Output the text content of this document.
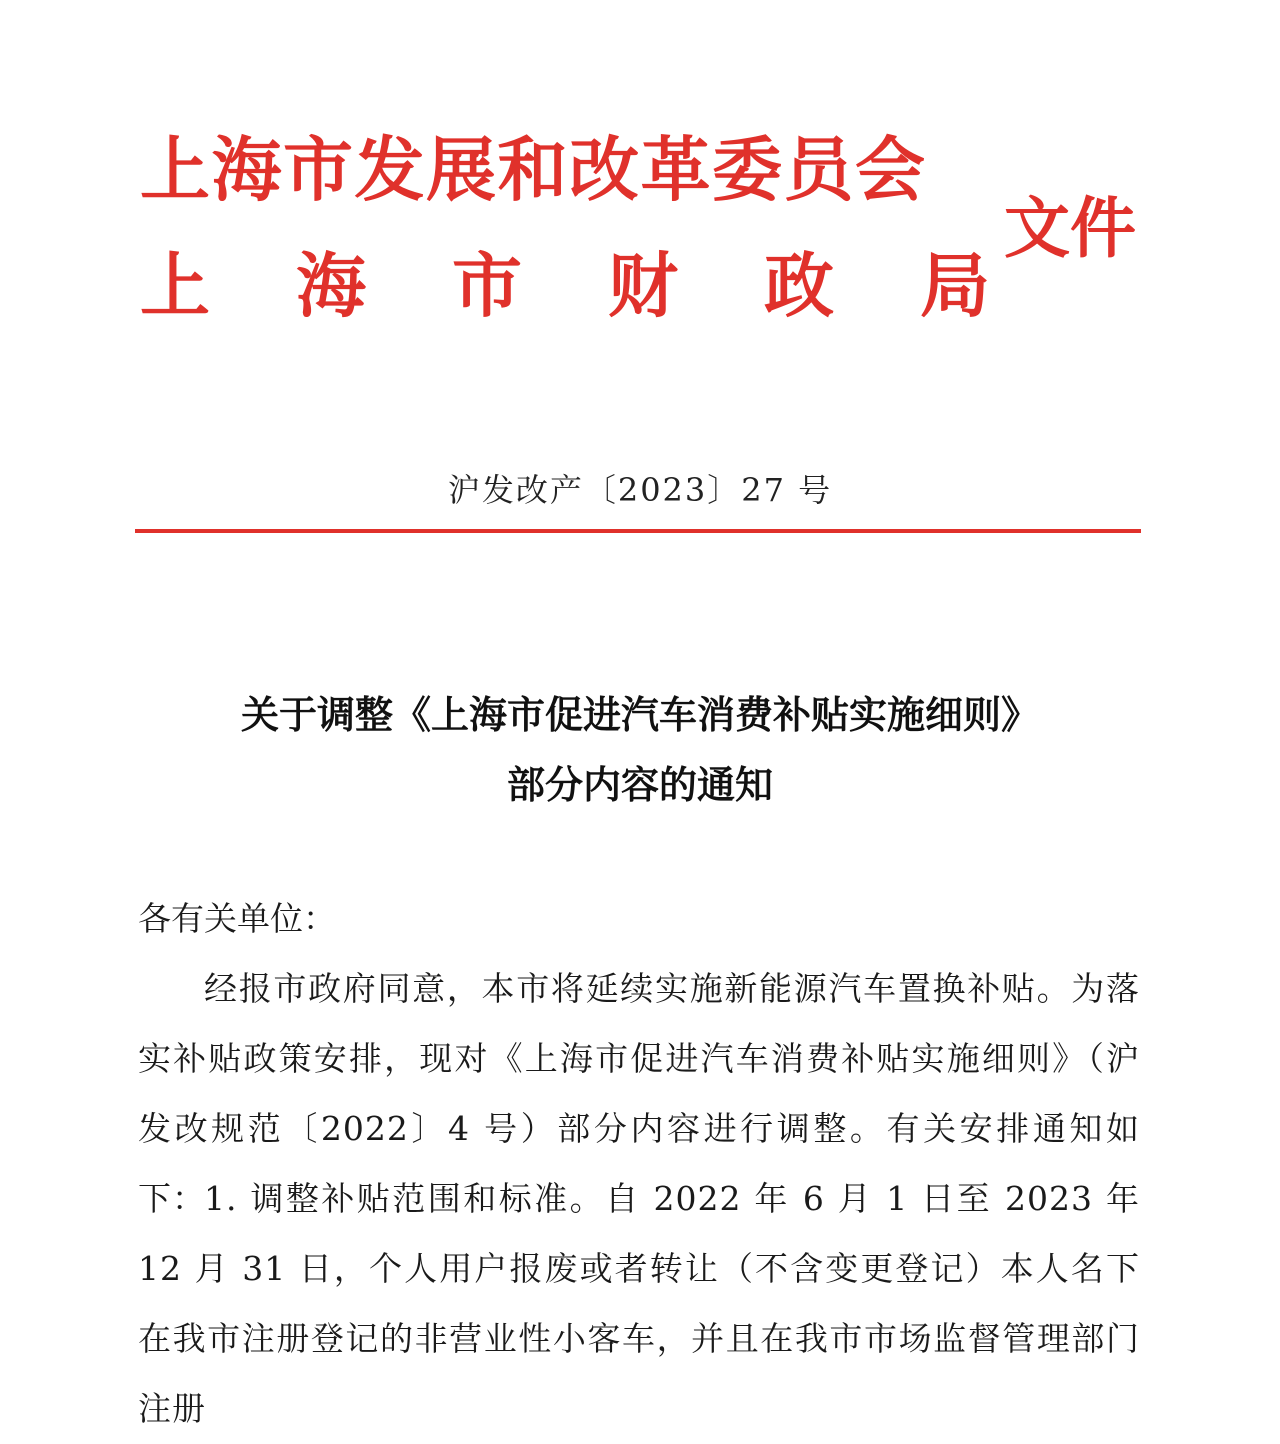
上海市发展和改革委员会
上 海 市 财 政 局
文件
沪发改产〔2023〕27 号
关于调整《上海市促进汽车消费补贴实施细则》
部分内容的通知
各有关单位：
经报市政府同意，本市将延续实施新能源汽车置换补贴。为落实补贴政策安排，现对《上海市促进汽车消费补贴实施细则》（沪发改规范〔2022〕4 号）部分内容进行调整。有关安排通知如下：
1. 调整补贴范围和标准。自 2022 年 6 月 1 日至 2023 年 12 月 31 日，个人用户报废或者转让（不含变更登记）本人名下在我市注册登记的非营业性小客车，并且在我市市场监督管理部门注册
